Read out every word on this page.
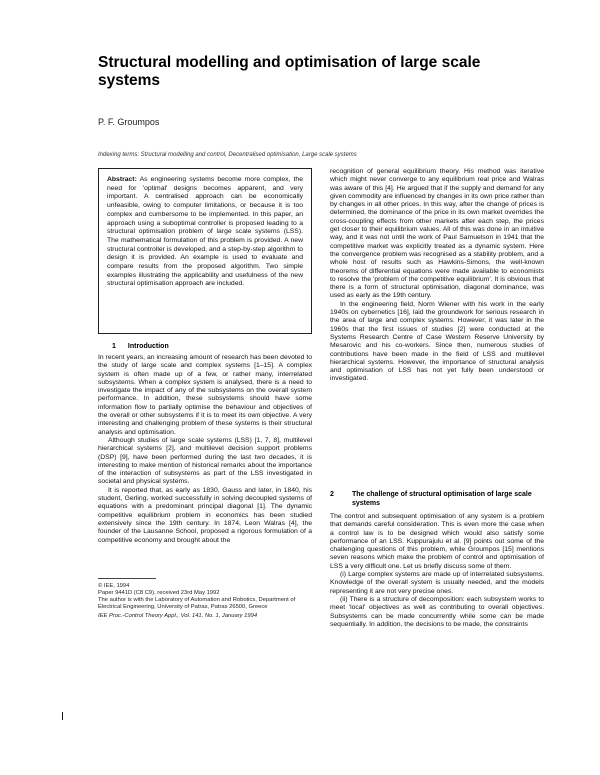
Structural modelling and optimisation of large scale systems
P. F. Groumpos
Indexing terms: Structural modelling and control, Decentralised optimisation, Large scale systems
Abstract: As engineering systems become more complex, the need for 'optimal' designs becomes apparent, and very important. A centralised approach can be economically unfeasible, owing to computer limitations, or because it is too complex and cumbersome to be implemented. In this paper, an approach using a suboptimal controller is proposed leading to a structural optimisation problem of large scale systems (LSS). The mathematical formulation of this problem is provided. A new structural controller is developed, and a step-by-step algorithm to design it is provided. An example is used to evaluate and compare results from the proposed algorithm. Two simple examples illustrating the applicability and usefulness of the new structural optimisation approach are included.
1 Introduction

In recent years, an increasing amount of research has been devoted to the study of large scale and complex systems [1–15]. A complex system is often made up of a few, or rather many, interrelated subsystems. When a complex system is analysed, there is a need to investigate the impact of any of the subsystems on the overall system performance. In addition, these subsystems should have some information flow to partially optimise the behaviour and objectives of the overall or other subsystems if it is to meet its own objective. A very interesting and challenging problem of these systems is their structural analysis and optimisation.

Although studies of large scale systems (LSS) [1, 7, 8], multilevel hierarchical systems [2], and multilevel decision support problems (DSP) [9], have been performed during the last two decades, it is interesting to make mention of historical remarks about the importance of the interaction of subsystems as part of the LSS investigated in societal and physical systems.

It is reported that, as early as 1830, Gauss and later, in 1840, his student, Gerling, worked successfully in solving decoupled systems of equations with a predominant principal diagonal [1]. The dynamic competitive equilibrium problem in economics has been studied extensively since the 19th century. In 1874, Leon Walras [4], the founder of the Lausanne School, proposed a rigorous formulation of a competitive economy and brought about the

© IEE, 1994
Paper 9441D (C8 C9), received 23rd May 1992
The author is with the Laboratory of Automation and Robotics, Department of Electrical Engineering, University of Patras, Patras 26500, Greece
IEE Proc.-Control Theory Appl., Vol. 141, No. 1, January 1994

recognition of general equilibrium theory. His method was iterative which might never converge to any equilibrium real price and Walras was aware of this [4]. He argued that if the supply and demand for any given commodity are influenced by changes in its own price rather than by changes in all other prices. In this way, after the change of prices is determined, the dominance of the price in its own market overrides the cross-coupling effects from other markets after each step, the prices get closer to their equilibrium values. All of this was done in an intuitive way, and it was not until the work of Paul Samuelson in 1941 that the competitive market was explicitly treated as a dynamic system. Here the convergence problem was recognised as a stability problem, and a whole host of results such as Hawkins-Simons, the well-known theorems of differential equations were made available to economists to resolve the 'problem of the competitive equilibrium'. It is obvious that there is a form of structural optimisation, diagonal dominance, was used as early as the 19th century.

In the engineering field, Norm Wiener with his work in the early 1940s on cybernetics [16], laid the groundwork for serious research in the area of large and complex systems. However, it was later in the 1960s that the first issues of studies [2] were conducted at the Systems Research Centre of Case Western Reserve University by Mesarovic and his co-workers. Since then, numerous studies of contributions have been made in the field of LSS and multilevel hierarchical systems. However, the importance of structural analysis and optimisation of LSS has not yet fully been understood or investigated.

2	The challenge of structural optimisation of large scale systems

The control and subsequent optimisation of any system is a problem that demands careful consideration. This is even more the case when a control law is to be designed which would also satisfy some performance of an LSS. Kuppurajulu et al. [9] points out some of the challenging questions of this problem, while Groumpos [15] mentions seven reasons which make the problem of control and optimisation of LSS a very difficult one. Let us briefly discuss some of them.

(i) Large complex systems are made up of interrelated subsystems. Knowledge of the overall system is usually needed, and the models representing it are not very precise ones.

(ii) There is a structure of decomposition: each subsystem works to meet 'local' objectives as well as contributing to overall objectives. Subsystems can be made concurrently while some can be made sequentially. In addition, the decisions to be made, the constraints
